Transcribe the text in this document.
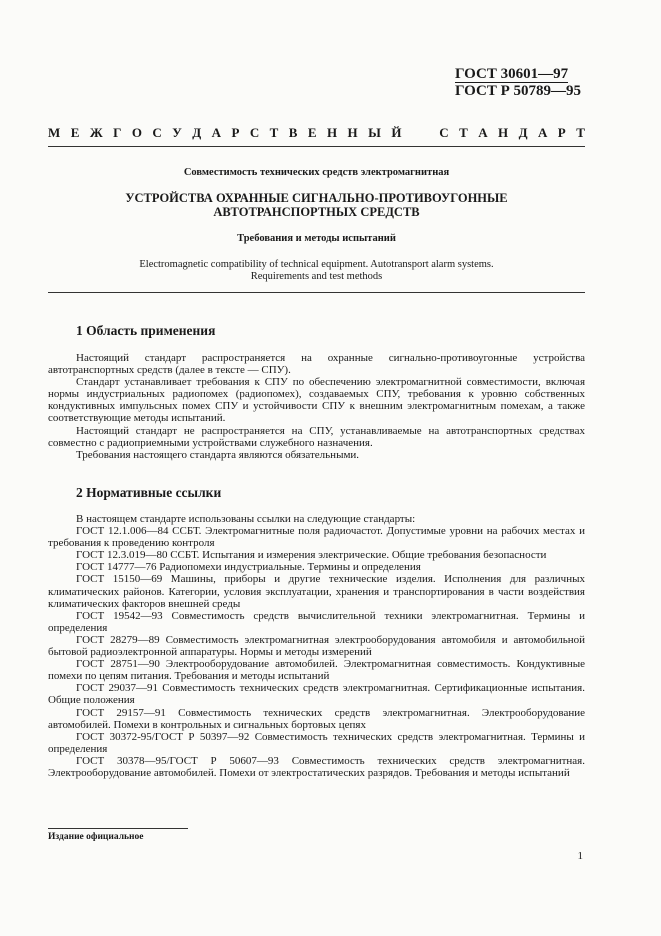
ГОСТ 30601—97
ГОСТ Р 50789—95
М Е Ж Г О С У Д А Р С Т В Е Н Н Ы Й

	С Т А Н Д А Р Т
Совместимость технических средств электромагнитная
УСТРОЙСТВА ОХРАННЫЕ СИГНАЛЬНО-ПРОТИВОУГОННЫЕ
АВТОТРАНСПОРТНЫХ СРЕДСТВ
Требования и методы испытаний
Electromagnetic compatibility of technical equipment. Autotransport alarm systems.
Requirements and test methods
1 Область применения

Настоящий стандарт распространяется на охранные сигнально-противоугонные устройства автотранспортных средств (далее в тексте — СПУ).

Стандарт устанавливает требования к СПУ по обеспечению электромагнитной совместимости, включая нормы индустриальных радиопомех (радиопомех), создаваемых СПУ, требования к уровню собственных кондуктивных импульсных помех СПУ и устойчивости СПУ к внешним электромагнитным помехам, а также соответствующие методы испытаний.

Настоящий стандарт не распространяется на СПУ, устанавливаемые на автотранспортных средствах совместно с радиоприемными устройствами служебного назначения.

Требования настоящего стандарта являются обязательными.

2 Нормативные ссылки

В настоящем стандарте использованы ссылки на следующие стандарты:

ГОСТ 12.1.006—84 ССБТ. Электромагнитные поля радиочастот. Допустимые уровни на рабочих местах и требования к проведению контроля

ГОСТ 12.3.019—80 ССБТ. Испытания и измерения электрические. Общие требования безопасности

ГОСТ 14777—76 Радиопомехи индустриальные. Термины и определения

ГОСТ 15150—69 Машины, приборы и другие технические изделия. Исполнения для различных климатических районов. Категории, условия эксплуатации, хранения и транспортирования в части воздействия климатических факторов внешней среды

ГОСТ 19542—93 Совместимость средств вычислительной техники электромагнитная. Термины и определения

ГОСТ 28279—89 Совместимость электромагнитная электрооборудования автомобиля и автомобильной бытовой радиоэлектронной аппаратуры. Нормы и методы измерений

ГОСТ 28751—90 Электрооборудование автомобилей. Электромагнитная совместимость. Кондуктивные помехи по цепям питания. Требования и методы испытаний

ГОСТ 29037—91 Совместимость технических средств электромагнитная. Сертификационные испытания. Общие положения

ГОСТ 29157—91 Совместимость технических средств электромагнитная. Электрооборудование автомобилей. Помехи в контрольных и сигнальных бортовых цепях

ГОСТ 30372-95/ГОСТ Р 50397—92 Совместимость технических средств электромагнитная. Термины и определения

ГОСТ 30378—95/ГОСТ Р 50607—93 Совместимость технических средств электромагнитная. Электрооборудование автомобилей. Помехи от электростатических разрядов. Требования и методы испытаний

Издание официальное
1
